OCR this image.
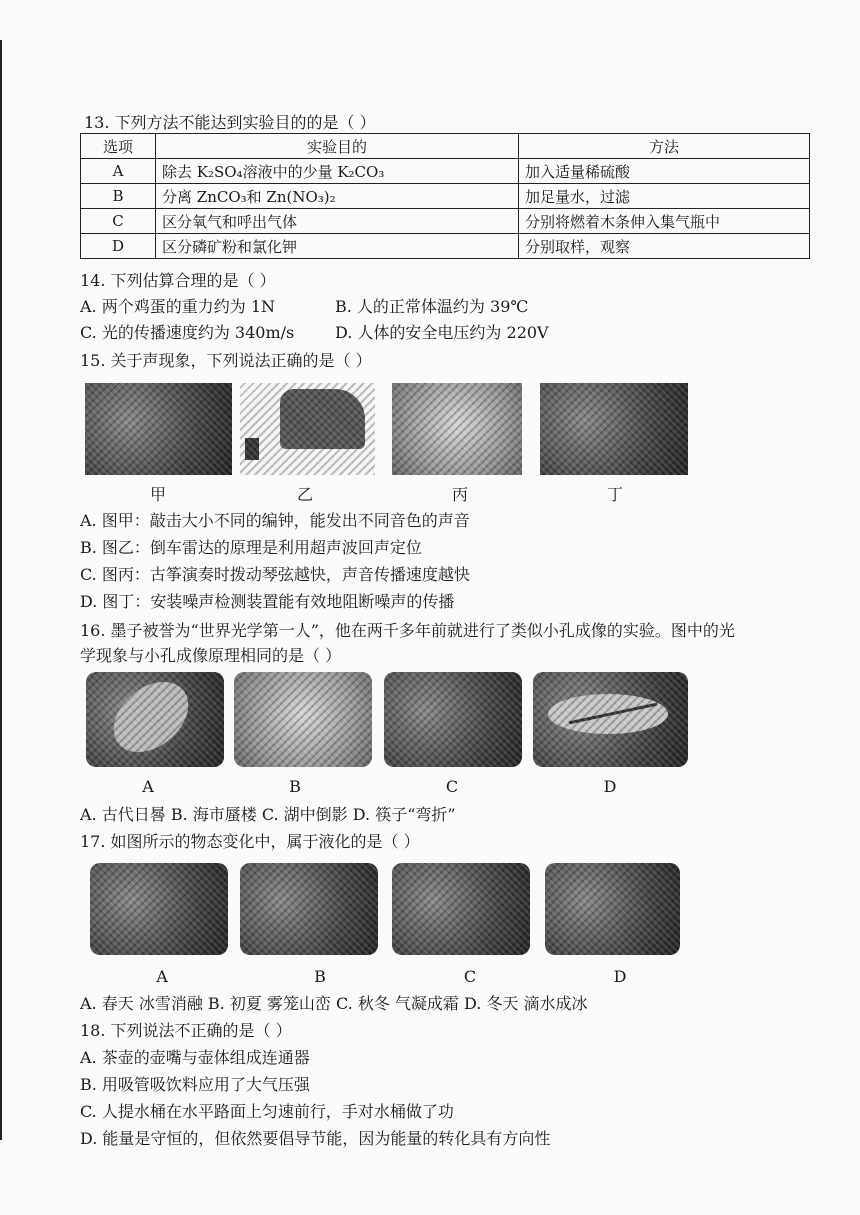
13. 下列方法不能达到实验目的的是（ ）
选项	实验目的	方法
A	除去 K₂SO₄溶液中的少量 K₂CO₃	加入适量稀硫酸
B	分离 ZnCO₃和 Zn(NO₃)₂	加足量水，过滤
C	区分氧气和呼出气体	分别将燃着木条伸入集气瓶中
D	区分磷矿粉和氯化钾	分别取样，观察
14. 下列估算合理的是（ ）
A. 两个鸡蛋的重力约为 1N	B. 人的正常体温约为 39℃
C. 光的传播速度约为 340m/s	D. 人体的安全电压约为 220V
15. 关于声现象，下列说法正确的是（ ）
甲	乙	丙	丁
A. 图甲：敲击大小不同的编钟，能发出不同音色的声音
B. 图乙：倒车雷达的原理是利用超声波回声定位
C. 图丙：古筝演奏时拨动琴弦越快，声音传播速度越快
D. 图丁：安装噪声检测装置能有效地阻断噪声的传播
16. 墨子被誉为“世界光学第一人”，他在两千多年前就进行了类似小孔成像的实验。图中的光
学现象与小孔成像原理相同的是（ ）
A	B	C	D
A. 古代日晷 B. 海市蜃楼 C. 湖中倒影 D. 筷子“弯折”
17. 如图所示的物态变化中，属于液化的是（ ）
A	B	C	D
A. 春天 冰雪消融 B. 初夏 雾笼山峦 C. 秋冬 气凝成霜 D. 冬天 滴水成冰
18. 下列说法不正确的是（ ）
A. 茶壶的壶嘴与壶体组成连通器
B. 用吸管吸饮料应用了大气压强
C. 人提水桶在水平路面上匀速前行，手对水桶做了功
D. 能量是守恒的，但依然要倡导节能，因为能量的转化具有方向性
